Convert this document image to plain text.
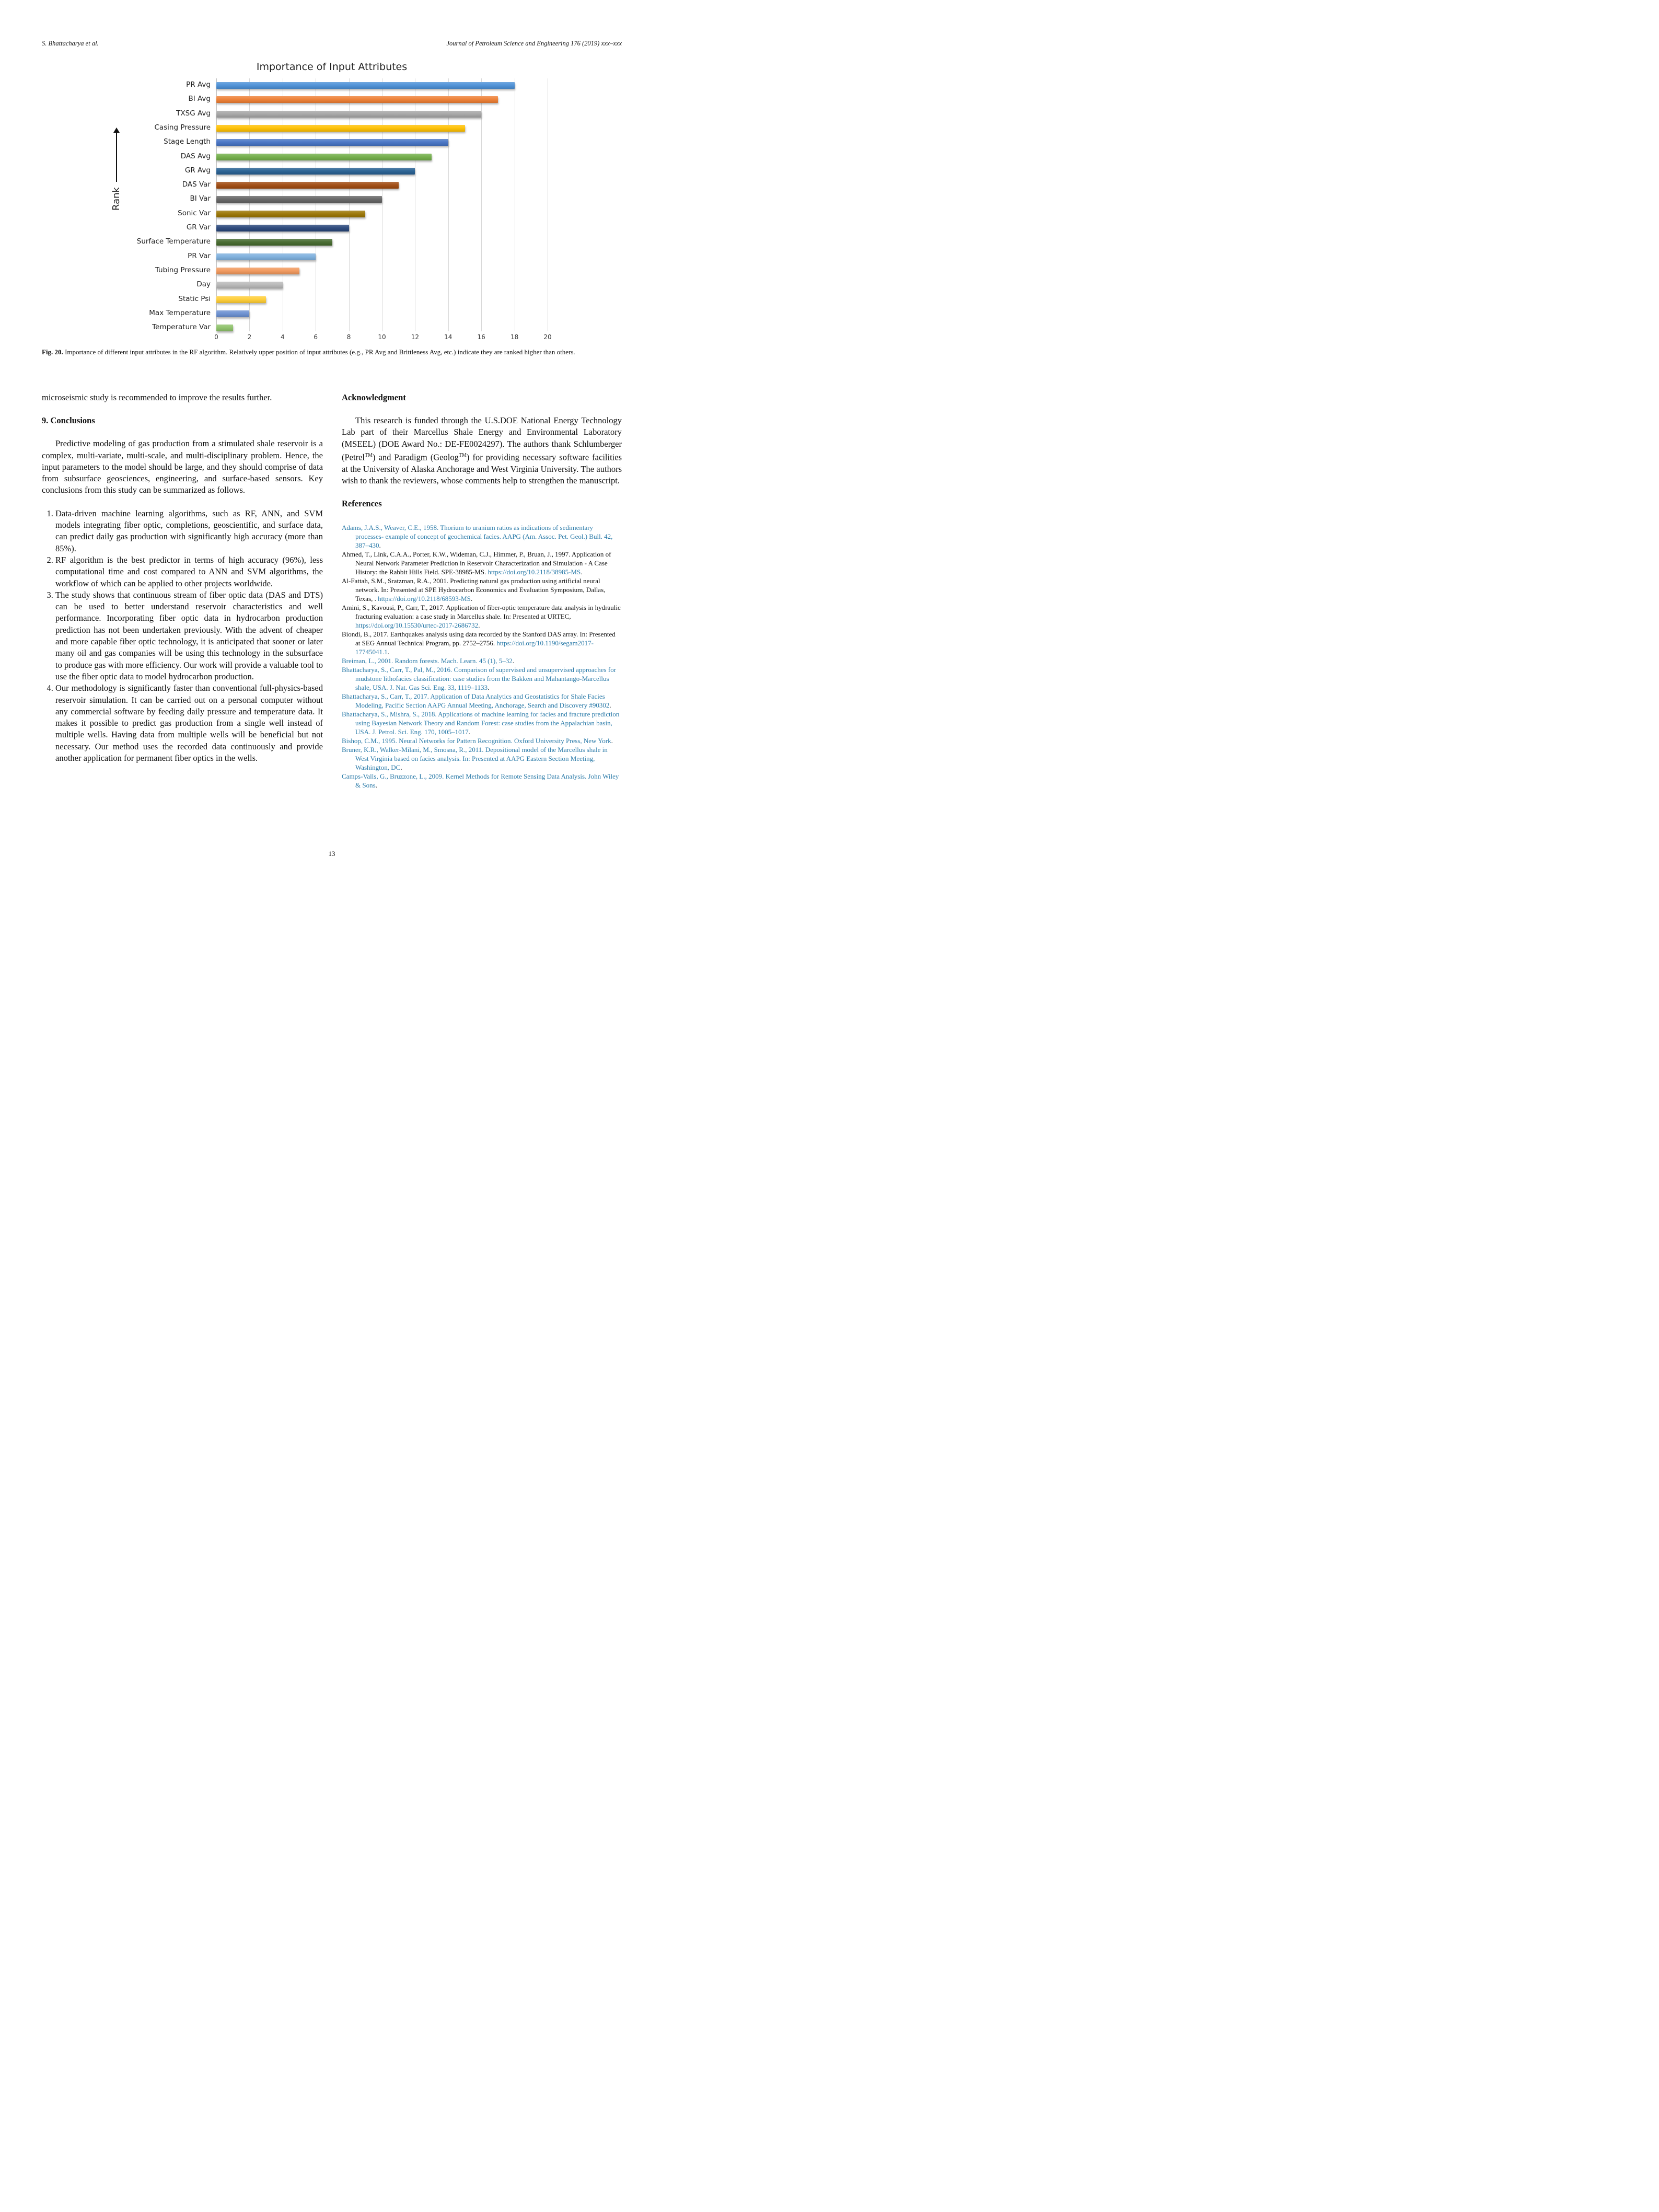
S. Bhattacharya et al.	Journal of Petroleum Science and Engineering 176 (2019) xxx–xxx
Importance of Input Attributes
Rank
0	2	4	6	8	10	12	14	16	18	20
PR Avg
BI Avg
TXSG Avg
Casing Pressure
Stage Length
DAS Avg
GR Avg
DAS Var
BI Var
Sonic Var
GR Var
Surface Temperature
PR Var
Tubing Pressure
Day
Static Psi
Max Temperature
Temperature Var
Fig. 20. Importance of different input attributes in the RF algorithm. Relatively upper position of input attributes (e.g., PR Avg and Brittleness Avg, etc.) indicate they are ranked higher than others.

microseismic study is recommended to improve the results further.

9. Conclusions

Predictive modeling of gas production from a stimulated shale reservoir is a complex, multi-variate, multi-scale, and multi-disciplinary problem. Hence, the input parameters to the model should be large, and they should comprise of data from subsurface geosciences, engineering, and surface-based sensors. Key conclusions from this study can be summarized as follows.

1. Data-driven machine learning algorithms, such as RF, ANN, and SVM models integrating fiber optic, completions, geoscientific, and surface data, can predict daily gas production with significantly high accuracy (more than 85%).
2. RF algorithm is the best predictor in terms of high accuracy (96%), less computational time and cost compared to ANN and SVM algorithms, the workflow of which can be applied to other projects worldwide.
3. The study shows that continuous stream of fiber optic data (DAS and DTS) can be used to better understand reservoir characteristics and well performance. Incorporating fiber optic data in hydrocarbon production prediction has not been undertaken previously. With the advent of cheaper and more capable fiber optic technology, it is anticipated that sooner or later many oil and gas companies will be using this technology in the subsurface to produce gas with more efficiency. Our work will provide a valuable tool to use the fiber optic data to model hydrocarbon production.
4. Our methodology is significantly faster than conventional full-physics-based reservoir simulation. It can be carried out on a personal computer without any commercial software by feeding daily pressure and temperature data. It makes it possible to predict gas production from a single well instead of multiple wells. Having data from multiple wells will be beneficial but not necessary. Our method uses the recorded data continuously and provide another application for permanent fiber optics in the wells.

Acknowledgment

This research is funded through the U.S.DOE National Energy Technology Lab part of their Marcellus Shale Energy and Environmental Laboratory (MSEEL) (DOE Award No.: DE-FE0024297). The authors thank Schlumberger (Petrel™) and Paradigm (Geolog™) for providing necessary software facilities at the University of Alaska Anchorage and West Virginia University. The authors wish to thank the reviewers, whose comments help to strengthen the manuscript.

References

Adams, J.A.S., Weaver, C.E., 1958. Thorium to uranium ratios as indications of sedimentary processes- example of concept of geochemical facies. AAPG (Am. Assoc. Pet. Geol.) Bull. 42, 387–430.

Ahmed, T., Link, C.A.A., Porter, K.W., Wideman, C.J., Himmer, P., Bruan, J., 1997. Application of Neural Network Parameter Prediction in Reservoir Characterization and Simulation - A Case History: the Rabbit Hills Field. SPE-38985-MS. https://doi.org/10.2118/38985-MS.

Al-Fattah, S.M., Sratzman, R.A., 2001. Predicting natural gas production using artificial neural network. In: Presented at SPE Hydrocarbon Economics and Evaluation Symposium, Dallas, Texas, . https://doi.org/10.2118/68593-MS.

Amini, S., Kavousi, P., Carr, T., 2017. Application of fiber-optic temperature data analysis in hydraulic fracturing evaluation: a case study in Marcellus shale. In: Presented at URTEC, https://doi.org/10.15530/urtec-2017-2686732.

Biondi, B., 2017. Earthquakes analysis using data recorded by the Stanford DAS array. In: Presented at SEG Annual Technical Program, pp. 2752–2756. https://doi.org/10.1190/segam2017-17745041.1.

Breiman, L., 2001. Random forests. Mach. Learn. 45 (1), 5–32.

Bhattacharya, S., Carr, T., Pal, M., 2016. Comparison of supervised and unsupervised approaches for mudstone lithofacies classification: case studies from the Bakken and Mahantango-Marcellus shale, USA. J. Nat. Gas Sci. Eng. 33, 1119–1133.

Bhattacharya, S., Carr, T., 2017. Application of Data Analytics and Geostatistics for Shale Facies Modeling, Pacific Section AAPG Annual Meeting, Anchorage, Search and Discovery #90302.

Bhattacharya, S., Mishra, S., 2018. Applications of machine learning for facies and fracture prediction using Bayesian Network Theory and Random Forest: case studies from the Appalachian basin, USA. J. Petrol. Sci. Eng. 170, 1005–1017.

Bishop, C.M., 1995. Neural Networks for Pattern Recognition. Oxford University Press, New York.

Bruner, K.R., Walker-Milani, M., Smosna, R., 2011. Depositional model of the Marcellus shale in West Virginia based on facies analysis. In: Presented at AAPG Eastern Section Meeting, Washington, DC.

Camps-Valls, G., Bruzzone, L., 2009. Kernel Methods for Remote Sensing Data Analysis. John Wiley & Sons.

13
